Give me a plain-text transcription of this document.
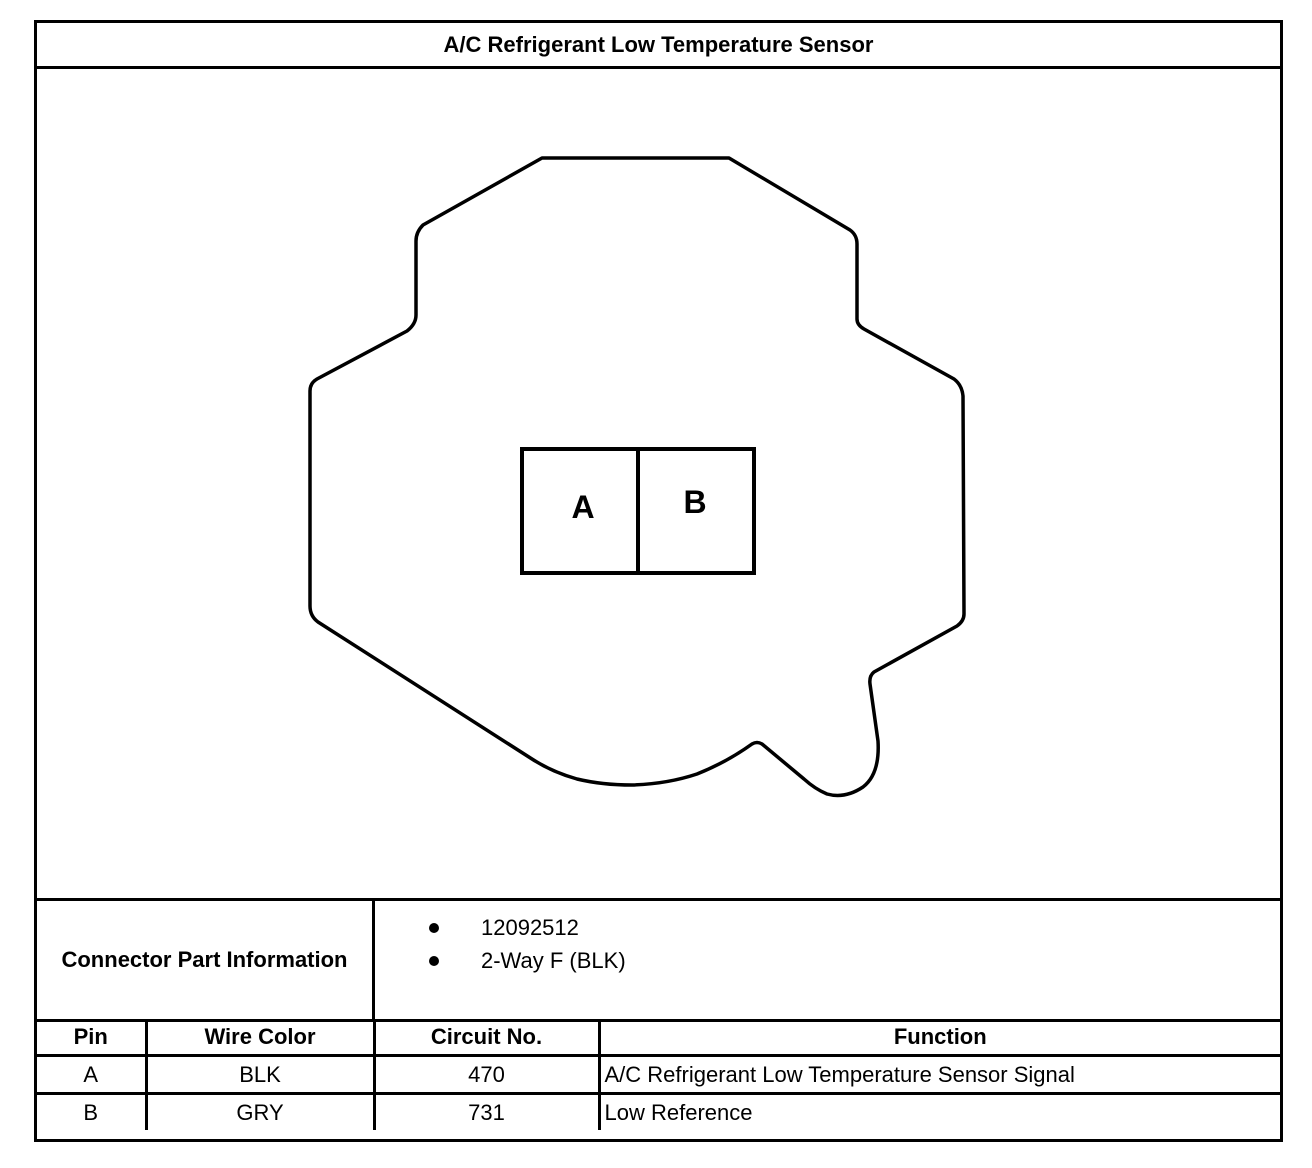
A/C Refrigerant Low Temperature Sensor
A	B
Connector Part Information
12092512
2-Way F (BLK)
Pin	Wire Color	Circuit No.	Function
A	BLK	470	A/C Refrigerant Low Temperature Sensor Signal
B	GRY	731	Low Reference
